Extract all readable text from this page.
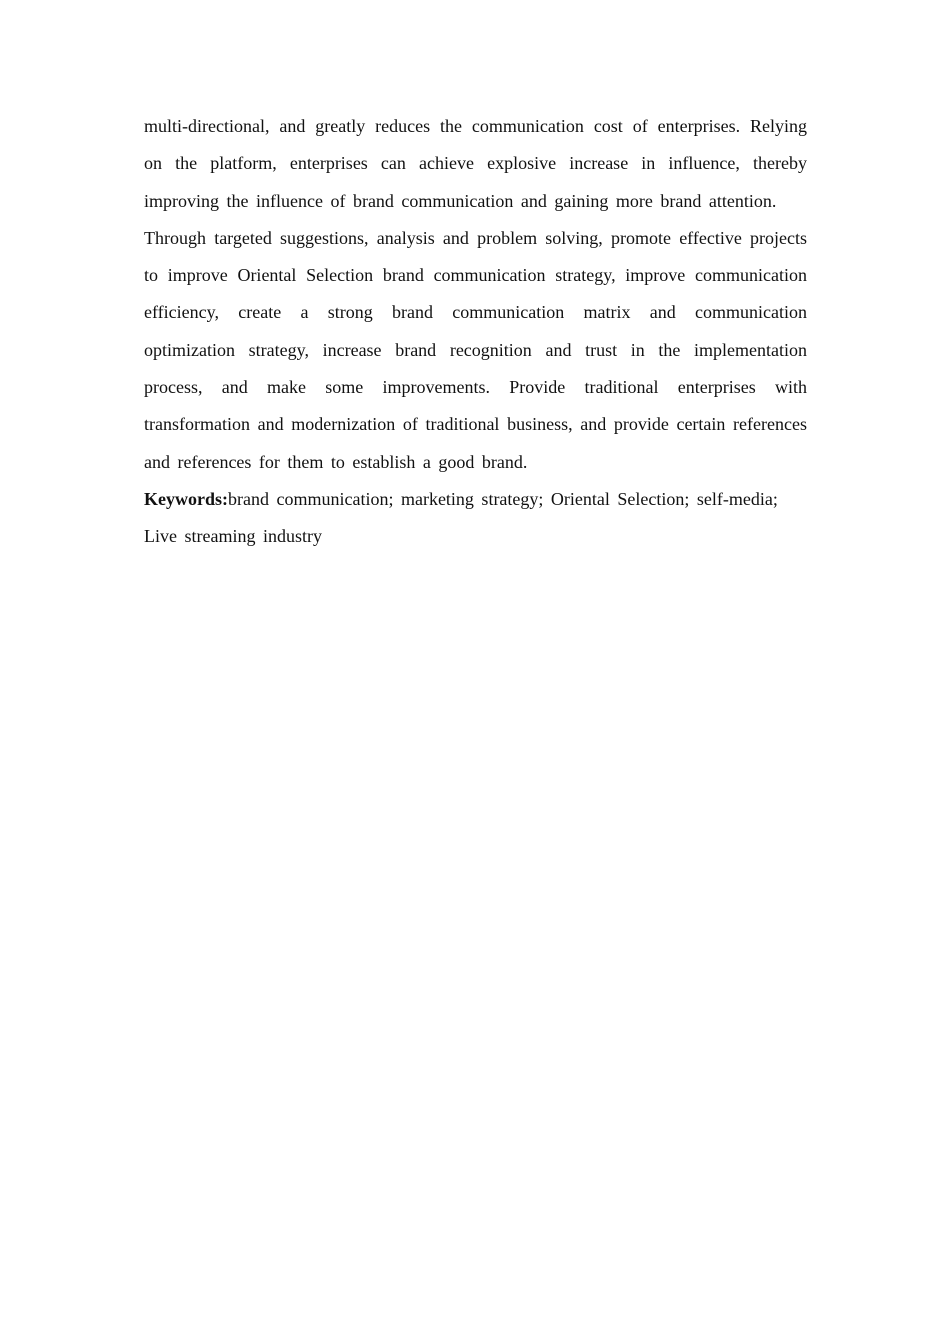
multi-directional, and greatly reduces the communication cost of enterprises. Relying on the platform, enterprises can achieve explosive increase in influence, thereby improving the influence of brand communication and gaining more brand attention.

Through targeted suggestions, analysis and problem solving, promote effective projects to improve Oriental Selection brand communication strategy, improve communication efficiency, create a strong brand communication matrix and communication optimization strategy, increase brand recognition and trust in the implementation process, and make some improvements. Provide traditional enterprises with transformation and modernization of traditional business, and provide certain references and references for them to establish a good brand.

Keywords:brand communication; marketing strategy; Oriental Selection; self-media; Live streaming industry
